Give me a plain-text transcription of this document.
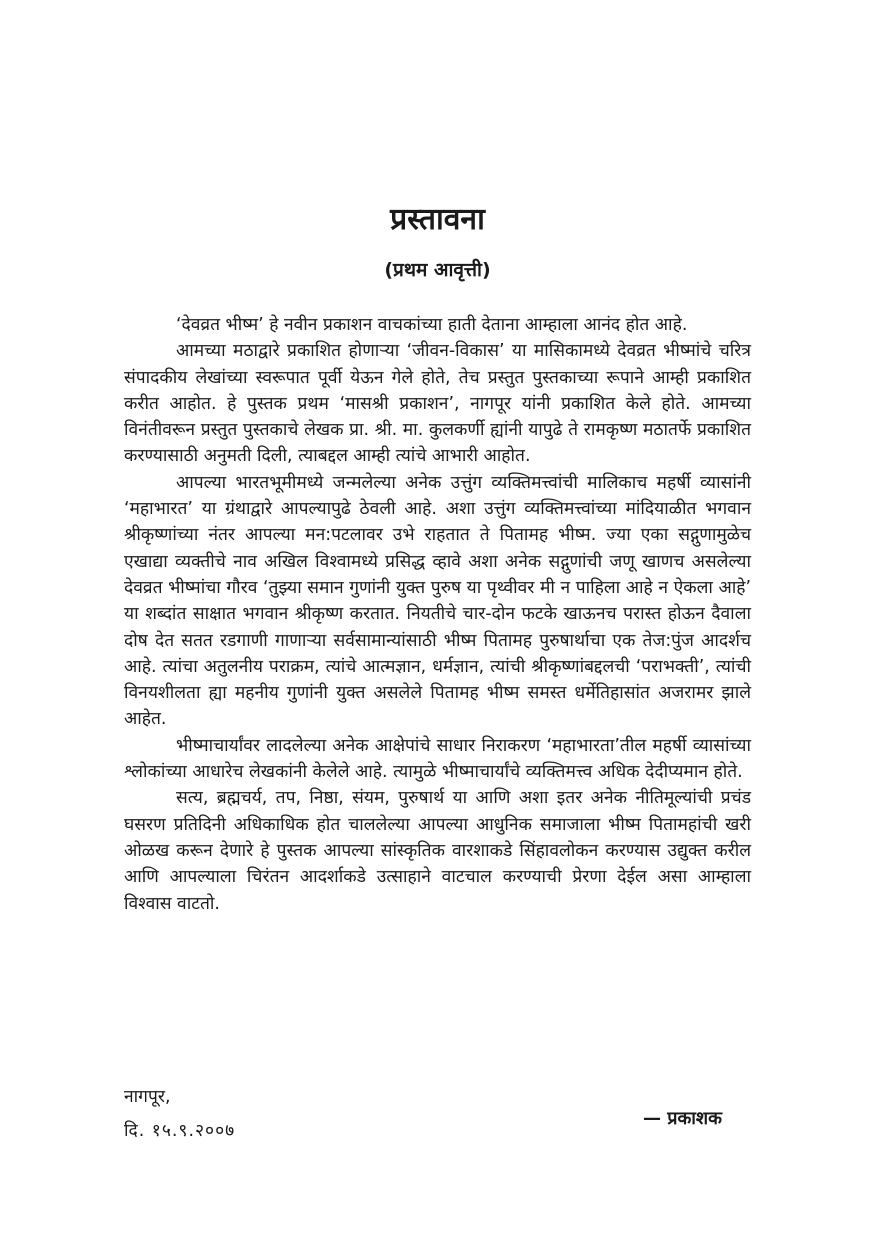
प्रस्तावना
(प्रथम आवृत्ती)

‘देवव्रत भीष्म’ हे नवीन प्रकाशन वाचकांच्या हाती देताना आम्हाला आनंद होत आहे.

आमच्या मठाद्वारे प्रकाशित होणाऱ्या ‘जीवन-विकास’ या मासिकामध्ये देवव्रत भीष्मांचे चरित्र संपादकीय लेखांच्या स्वरूपात पूर्वी येऊन गेले होते, तेच प्रस्तुत पुस्तकाच्या रूपाने आम्ही प्रकाशित करीत आहोत. हे पुस्तक प्रथम ‘मासश्री प्रकाशन’, नागपूर यांनी प्रकाशित केले होते. आमच्या विनंतीवरून प्रस्तुत पुस्तकाचे लेखक प्रा. श्री. मा. कुलकर्णी ह्यांनी यापुढे ते रामकृष्ण मठातर्फे प्रकाशित करण्यासाठी अनुमती दिली, त्याबद्दल आम्ही त्यांचे आभारी आहोत.

आपल्या भारतभूमीमध्ये जन्मलेल्या अनेक उत्तुंग व्यक्तिमत्त्वांची मालिकाच महर्षी व्यासांनी ‘महाभारत’ या ग्रंथाद्वारे आपल्यापुढे ठेवली आहे. अशा उत्तुंग व्यक्तिमत्त्वांच्या मांदियाळीत भगवान श्रीकृष्णांच्या नंतर आपल्या मन:पटलावर उभे राहतात ते पितामह भीष्म. ज्या एका सद्गुणामुळेच एखाद्या व्यक्तीचे नाव अखिल विश्वामध्ये प्रसिद्ध व्हावे अशा अनेक सद्गुणांची जणू खाणच असलेल्या देवव्रत भीष्मांचा गौरव ‘तुझ्या समान गुणांनी युक्त पुरुष या पृथ्वीवर मी न पाहिला आहे न ऐकला आहे’ या शब्दांत साक्षात भगवान श्रीकृष्ण करतात. नियतीचे चार-दोन फटके खाऊनच परास्त होऊन दैवाला दोष देत सतत रडगाणी गाणाऱ्या सर्वसामान्यांसाठी भीष्म पितामह पुरुषार्थाचा एक तेज:पुंज आदर्शच आहे. त्यांचा अतुलनीय पराक्रम, त्यांचे आत्मज्ञान, धर्मज्ञान, त्यांची श्रीकृष्णांबद्दलची ‘पराभक्ती’, त्यांची विनयशीलता ह्या महनीय गुणांनी युक्त असलेले पितामह भीष्म समस्त धर्मेतिहासांत अजरामर झाले आहेत.

भीष्माचार्यांवर लादलेल्या अनेक आक्षेपांचे साधार निराकरण ‘महाभारता’तील महर्षी व्यासांच्या श्लोकांच्या आधारेच लेखकांनी केलेले आहे. त्यामुळे भीष्माचार्यांचे व्यक्तिमत्त्व अधिक देदीप्यमान होते.

सत्य, ब्रह्मचर्य, तप, निष्ठा, संयम, पुरुषार्थ या आणि अशा इतर अनेक नीतिमूल्यांची प्रचंड घसरण प्रतिदिनी अधिकाधिक होत चाललेल्या आपल्या आधुनिक समाजाला भीष्म पितामहांची खरी ओळख करून देणारे हे पुस्तक आपल्या सांस्कृतिक वारशाकडे सिंहावलोकन करण्यास उद्युक्त करील आणि आपल्याला चिरंतन आदर्शाकडे उत्साहाने वाटचाल करण्याची प्रेरणा देईल असा आम्हाला विश्वास वाटतो.

नागपूर,
दि. १५.९.२००७
— प्रकाशक
